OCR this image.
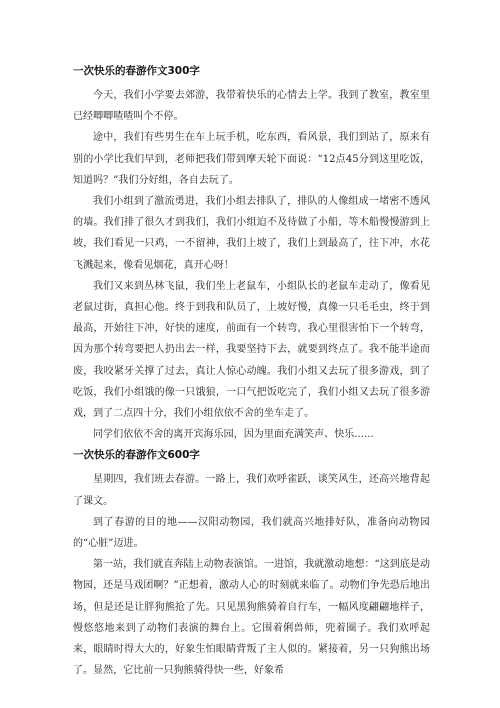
一次快乐的春游作文300字

今天，我们小学要去郊游，我带着快乐的心情去上学。我到了教室，教室里已经唧唧喳喳叫个不停。

途中，我们有些男生在车上玩手机，吃东西，看风景，我们到站了，原来有别的小学比我们早到，老师把我们带到摩天轮下面说：“12点45分到这里吃饭，知道吗？”我们分好组，各自去玩了。

我们小组到了激流勇进，我们小组去排队了，排队的人像组成一堵密不透风的墙。我们排了很久才到我们，我们小组迫不及待做了小船，等木船慢慢游到上坡，我们看见一只鸡，一不留神，我们上坡了，我们上到最高了，往下冲，水花飞溅起来，像看见烟花，真开心呀！

我们又来到丛林飞鼠，我们坐上老鼠车，小组队长的老鼠车走动了，像看见老鼠过街，真担心他。终于到我和队员了，上坡好慢，真像一只毛毛虫，终于到最高，开始往下冲，好快的速度，前面有一个转弯，我心里很害怕下一个转弯，因为那个转弯要把人扔出去一样，我要坚持下去，就要到终点了。我不能半途而废，我咬紧牙关撑了过去，真让人惊心动魄。我们小组又去玩了很多游戏，到了吃饭，我们小组饿的像一只饿狼，一口气把饭吃完了，我们小组又去玩了很多游戏，到了二点四十分，我们小组依依不舍的坐车走了。

同学们依依不舍的离开宾海乐园，因为里面充满笑声、快乐......

一次快乐的春游作文600字

星期四，我们班去春游。一路上，我们欢呼雀跃，谈笑风生，还高兴地背起了课文。

到了春游的目的地——汉阳动物园，我们就高兴地排好队，准备向动物园的“心脏”迈进。

第一站，我们就直奔陆上动物表演馆。一进馆，我就激动地想：“这到底是动物园，还是马戏团啊？”正想着，激动人心的时刻就来临了。动物们争先恐后地出场，但是还是让胖狗熊抢了先。只见黑狗熊骑着自行车，一幅风度翩翩地样子，慢悠悠地来到了动物们表演的舞台上。它围着俐兽师，兜着圈子。我们欢呼起来，眼睛时得大大的，好象生怕眼睛背叛了主人似的。紧接着，另一只狗熊出场了。显然，它比前一只狗熊骑得快一些，好象希
